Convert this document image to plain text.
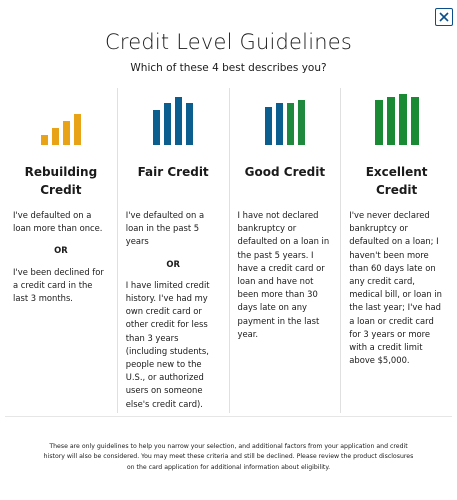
Credit Level Guidelines
Which of these 4 best describes you?
Rebuilding
Credit
I've defaulted on a loan more than once.
OR
I've been declined for a credit card in the last 3 months.
Fair Credit
I've defaulted on a loan in the past 5 years
OR
I have limited credit history. I've had my own credit card or other credit for less than 3 years (including students, people new to the U.S., or authorized users on someone else's credit card).
Good Credit
I have not declared bankruptcy or defaulted on a loan in the past 5 years. I have a credit card or loan and have not been more than 30 days late on any payment in the last year.
Excellent Credit
I've never declared bankruptcy or defaulted on a loan; I haven't been more than 60 days late on any credit card, medical bill, or loan in the last year; I've had a loan or credit card for 3 years or more with a credit limit above $5,000.
These are only guidelines to help you narrow your selection, and additional factors from your application and credit history will also be considered. You may meet these criteria and still be declined. Please review the product disclosures on the card application for additional information about eligibility.
